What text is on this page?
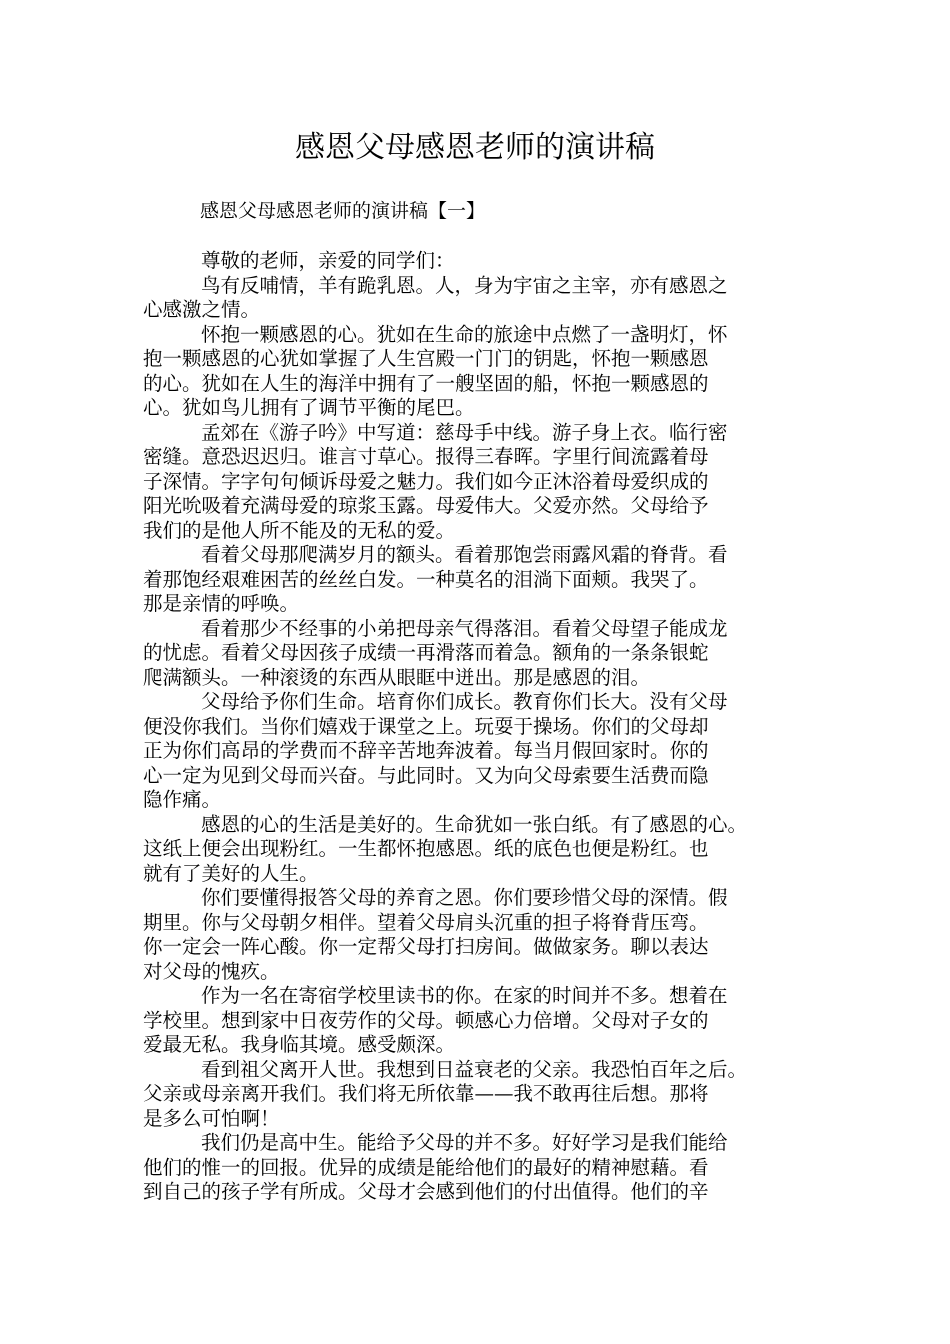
感恩父母感恩老师的演讲稿
感恩父母感恩老师的演讲稿【一】
尊敬的老师，亲爱的同学们：
鸟有反哺情，羊有跪乳恩。人，身为宇宙之主宰，亦有感恩之
心感激之情。
怀抱一颗感恩的心。犹如在生命的旅途中点燃了一盏明灯，怀
抱一颗感恩的心犹如掌握了人生宫殿一门门的钥匙，怀抱一颗感恩
的心。犹如在人生的海洋中拥有了一艘坚固的船，怀抱一颗感恩的
心。犹如鸟儿拥有了调节平衡的尾巴。
孟郊在《游子吟》中写道：慈母手中线。游子身上衣。临行密
密缝。意恐迟迟归。谁言寸草心。报得三春晖。字里行间流露着母
子深情。字字句句倾诉母爱之魅力。我们如今正沐浴着母爱织成的
阳光吮吸着充满母爱的琼浆玉露。母爱伟大。父爱亦然。父母给予
我们的是他人所不能及的无私的爱。
看着父母那爬满岁月的额头。看着那饱尝雨露风霜的脊背。看
着那饱经艰难困苦的丝丝白发。一种莫名的泪淌下面颊。我哭了。
那是亲情的呼唤。
看着那少不经事的小弟把母亲气得落泪。看着父母望子能成龙
的忧虑。看着父母因孩子成绩一再滑落而着急。额角的一条条银蛇
爬满额头。一种滚烫的东西从眼眶中迸出。那是感恩的泪。
父母给予你们生命。培育你们成长。教育你们长大。没有父母
便没你我们。当你们嬉戏于课堂之上。玩耍于操场。你们的父母却
正为你们高昂的学费而不辞辛苦地奔波着。每当月假回家时。你的
心一定为见到父母而兴奋。与此同时。又为向父母索要生活费而隐
隐作痛。
感恩的心的生活是美好的。生命犹如一张白纸。有了感恩的心。
这纸上便会出现粉红。一生都怀抱感恩。纸的底色也便是粉红。也
就有了美好的人生。
你们要懂得报答父母的养育之恩。你们要珍惜父母的深情。假
期里。你与父母朝夕相伴。望着父母肩头沉重的担子将脊背压弯。
你一定会一阵心酸。你一定帮父母打扫房间。做做家务。聊以表达
对父母的愧疚。
作为一名在寄宿学校里读书的你。在家的时间并不多。想着在
学校里。想到家中日夜劳作的父母。顿感心力倍增。父母对子女的
爱最无私。我身临其境。感受颇深。
看到祖父离开人世。我想到日益衰老的父亲。我恐怕百年之后。
父亲或母亲离开我们。我们将无所依靠——我不敢再往后想。那将
是多么可怕啊！
我们仍是高中生。能给予父母的并不多。好好学习是我们能给
他们的惟一的回报。优异的成绩是能给他们的最好的精神慰藉。看
到自己的孩子学有所成。父母才会感到他们的付出值得。他们的辛
